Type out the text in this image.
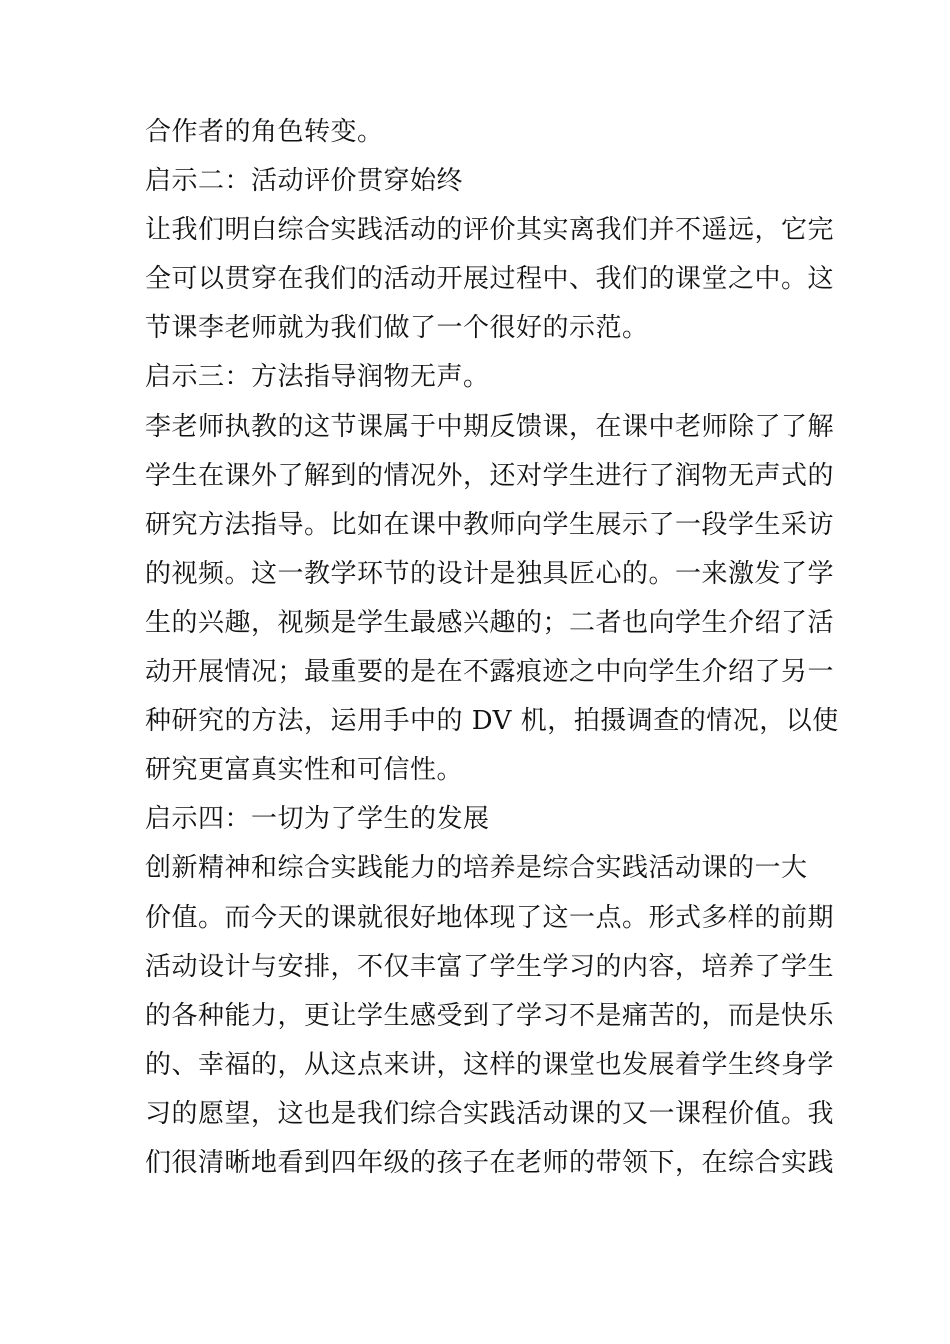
合作者的角色转变。
启示二：活动评价贯穿始终
让我们明白综合实践活动的评价其实离我们并不遥远，它完
全可以贯穿在我们的活动开展过程中、我们的课堂之中。这
节课李老师就为我们做了一个很好的示范。
启示三：方法指导润物无声。
李老师执教的这节课属于中期反馈课，在课中老师除了了解
学生在课外了解到的情况外，还对学生进行了润物无声式的
研究方法指导。比如在课中教师向学生展示了一段学生采访
的视频。这一教学环节的设计是独具匠心的。一来激发了学
生的兴趣，视频是学生最感兴趣的；二者也向学生介绍了活
动开展情况；最重要的是在不露痕迹之中向学生介绍了另一
种研究的方法，运用手中的 DV 机，拍摄调查的情况，以使
研究更富真实性和可信性。
启示四：一切为了学生的发展
创新精神和综合实践能力的培养是综合实践活动课的一大
价值。而今天的课就很好地体现了这一点。形式多样的前期
活动设计与安排，不仅丰富了学生学习的内容，培养了学生
的各种能力，更让学生感受到了学习不是痛苦的，而是快乐
的、幸福的，从这点来讲，这样的课堂也发展着学生终身学
习的愿望，这也是我们综合实践活动课的又一课程价值。我
们很清晰地看到四年级的孩子在老师的带领下，在综合实践
